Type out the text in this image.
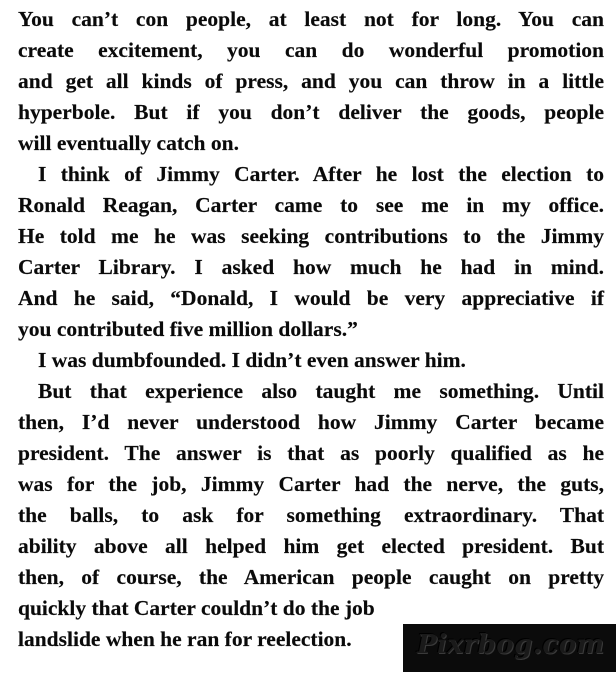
You can’t con people, at least not for long. You can
create excitement, you can do wonderful promotion
and get all kinds of press, and you can throw in a little
hyperbole. But if you don’t deliver the goods, people
will eventually catch on.
I think of Jimmy Carter. After he lost the election to
Ronald Reagan, Carter came to see me in my office.
He told me he was seeking contributions to the Jimmy
Carter Library. I asked how much he had in mind.
And he said, “Donald, I would be very appreciative if
you contributed five million dollars.”
I was dumbfounded. I didn’t even answer him.
But that experience also taught me something. Until
then, I’d never understood how Jimmy Carter became
president. The answer is that as poorly qualified as he
was for the job, Jimmy Carter had the nerve, the guts,
the balls, to ask for something extraordinary. That
ability above all helped him get elected president. But
then, of course, the American people caught on pretty
quickly that Carter couldn’t do the job
landslide when he ran for reelection.	Pixrbog.com
